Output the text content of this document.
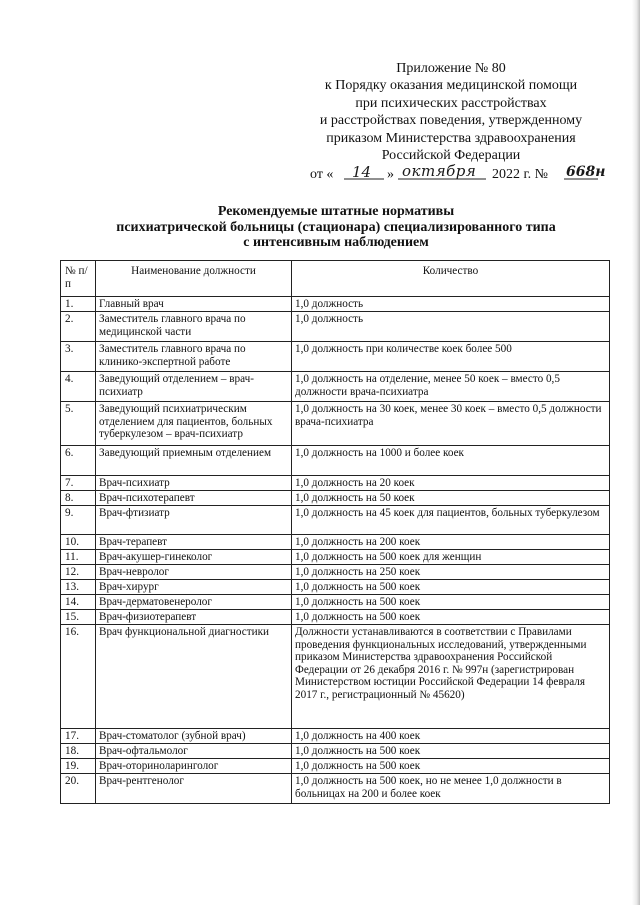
Приложение № 80
к Порядку оказания медицинской помощи
при психических расстройствах
и расстройствах поведения, утвержденному
приказом Министерства здравоохранения
Российской Федерации
от « 14 » октября 2022 г. № 668н
Рекомендуемые штатные нормативы
психиатрической больницы (стационара) специализированного типа
с интенсивным наблюдением
№ п/п	Наименование должности	Количество
1.	Главный врач	1,0 должность
2.	Заместитель главного врача по медицинской части	1,0 должность
3.	Заместитель главного врача по клинико-экспертной работе	1,0 должность при количестве коек более 500
4.	Заведующий отделением – врач-психиатр	1,0 должность на отделение, менее 50 коек – вместо 0,5 должности врача-психиатра
5.	Заведующий психиатрическим отделением для пациентов, больных туберкулезом – врач-психиатр	1,0 должность на 30 коек, менее 30 коек – вместо 0,5 должности врача-психиатра
6.	Заведующий приемным отделением	1,0 должность на 1000 и более коек
7.	Врач-психиатр	1,0 должность на 20 коек
8.	Врач-психотерапевт	1,0 должность на 50 коек
9.	Врач-фтизиатр	1,0 должность на 45 коек для пациентов, больных туберкулезом
10.	Врач-терапевт	1,0 должность на 200 коек
11.	Врач-акушер-гинеколог	1,0 должность на 500 коек для женщин
12.	Врач-невролог	1,0 должность на 250 коек
13.	Врач-хирург	1,0 должность на 500 коек
14.	Врач-дерматовенеролог	1,0 должность на 500 коек
15.	Врач-физиотерапевт	1,0 должность на 500 коек
16.	Врач функциональной диагностики	Должности устанавливаются в соответствии с Правилами проведения функциональных исследований, утвержденными приказом Министерства здравоохранения Российской Федерации от 26 декабря 2016 г. № 997н (зарегистрирован Министерством юстиции Российской Федерации 14 февраля 2017 г., регистрационный № 45620)
17.	Врач-стоматолог (зубной врач)	1,0 должность на 400 коек
18.	Врач-офтальмолог	1,0 должность на 500 коек
19.	Врач-оториноларинголог	1,0 должность на 500 коек
20.	Врач-рентгенолог	1,0 должность на 500 коек, но не менее 1,0 должности в больницах на 200 и более коек
